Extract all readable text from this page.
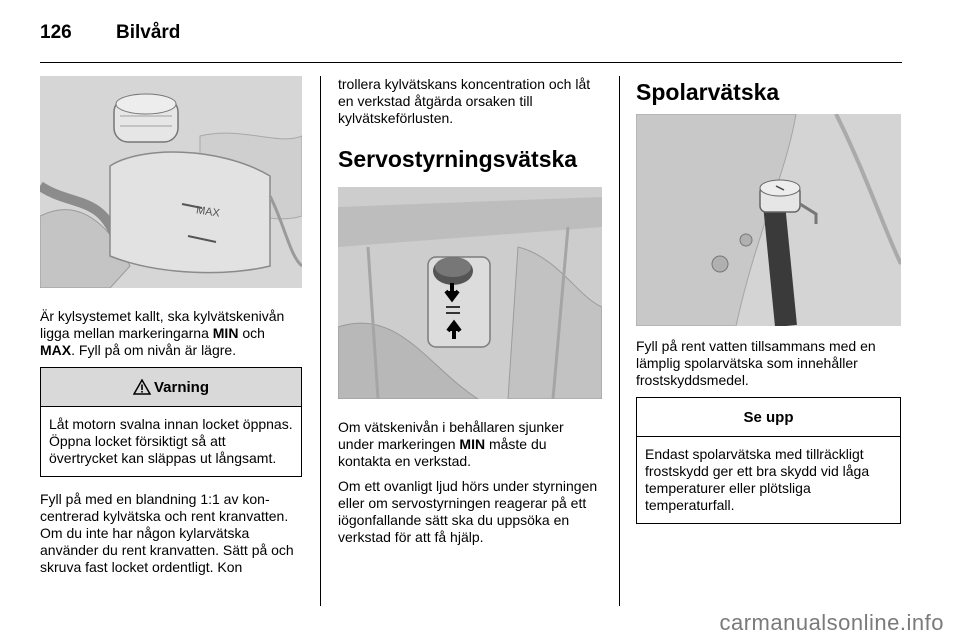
126 Bilvård
MAX

Är kylsystemet kallt, ska kylvätskenivån ligga mellan markeringarna MIN och MAX. Fyll på om nivån är lägre.

Varning
Låt motorn svalna innan locket öppnas. Öppna locket försiktigt så att övertrycket kan släppas ut långsamt.

Fyll på med en blandning 1:1 av koncentrerad kylvätska och rent kranvatten. Om du inte har någon kylarvätska använder du rent kranvatten. Sätt på och skruva fast locket ordentligt. Kon

trollera kylvätskans koncentration och låt en verkstad åtgärda orsaken till kylvätskeförlusten.

Servostyrningsvätska

Om vätskenivån i behållaren sjunker under markeringen MIN måste du kontakta en verkstad.

Om ett ovanligt ljud hörs under styrningen eller om servostyrningen reagerar på ett iögonfallande sätt ska du uppsöka en verkstad för att få hjälp.

Spolarvätska

Fyll på rent vatten tillsammans med en lämplig spolarvätska som innehåller frostskyddsmedel.

Se upp
Endast spolarvätska med tillräckligt frostskydd ger ett bra skydd vid låga temperaturer eller plötsliga temperaturfall.
carmanualsonline.info
